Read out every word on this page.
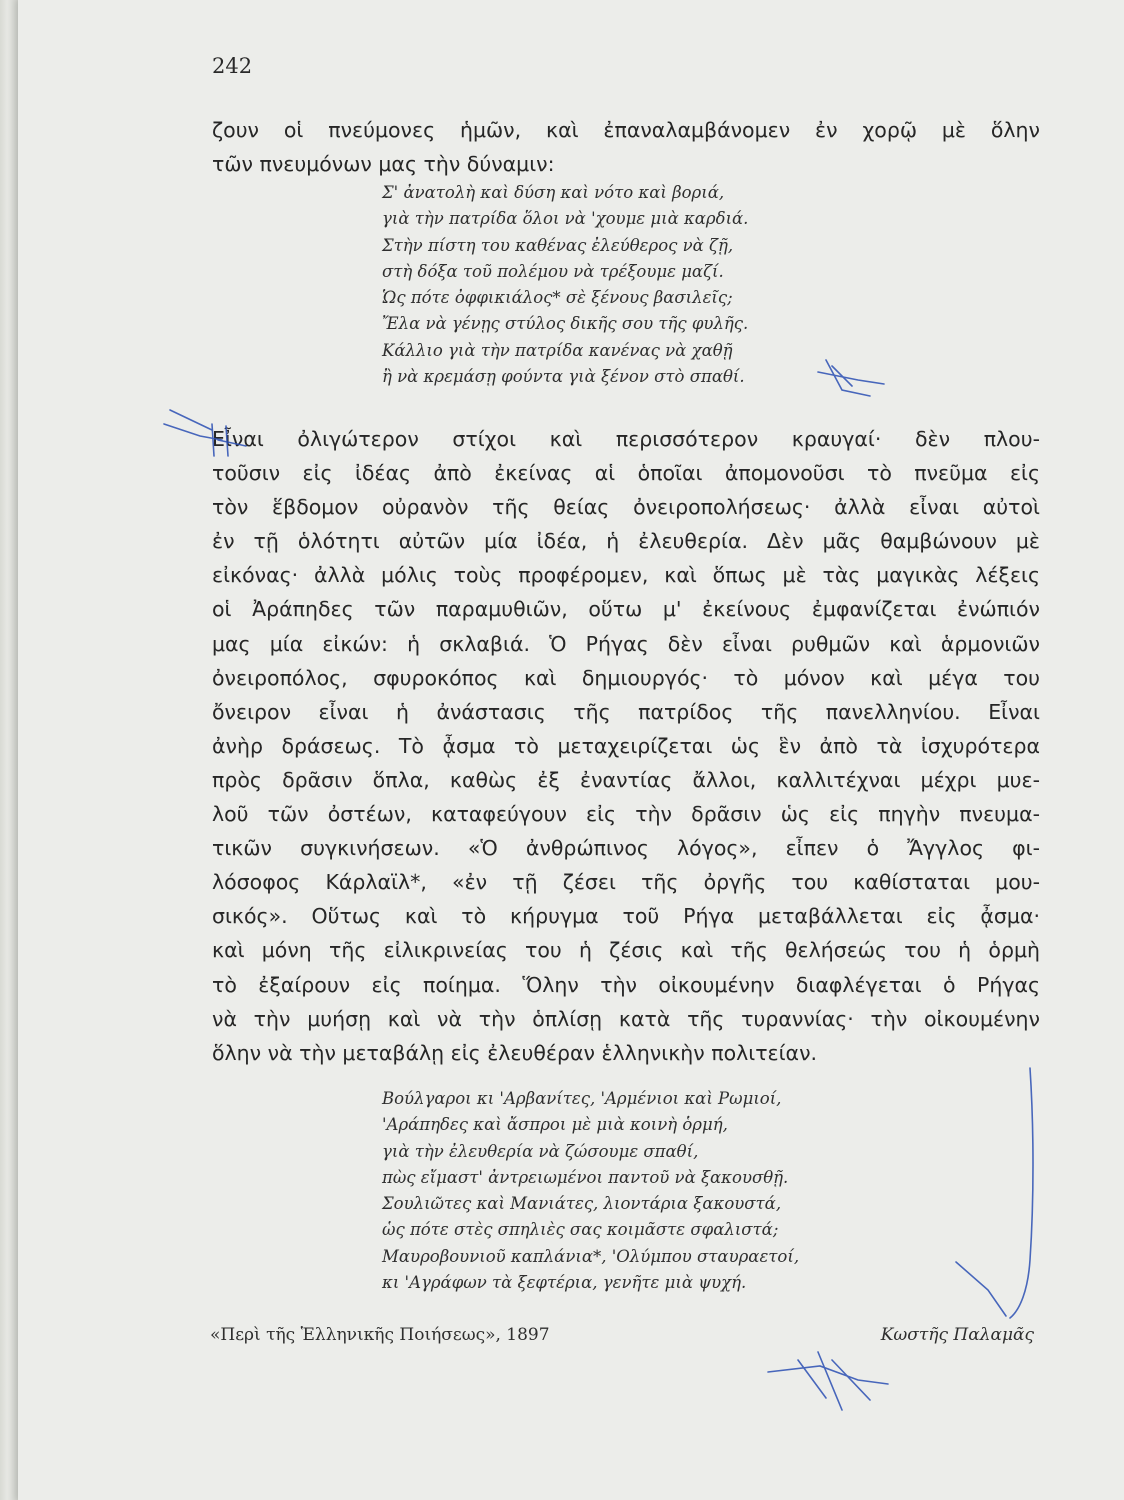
242
ζουν οἱ πνεύμονες ἡμῶν, καὶ ἐπαναλαμβάνομεν ἐν χορῷ μὲ ὅλην
τῶν πνευμόνων μας τὴν δύναμιν:
Σ' ἀνατολὴ καὶ δύση καὶ νότο καὶ βοριά,
γιὰ τὴν πατρίδα ὅλοι νὰ 'χουμε μιὰ καρδιά.
Στὴν πίστη του καθένας ἐλεύθερος νὰ ζῇ,
στὴ δόξα τοῦ πολέμου νὰ τρέξουμε μαζί.
Ὡς πότε ὀφφικιάλος* σὲ ξένους βασιλεῖς;
Ἔλα νὰ γένῃς στύλος δικῆς σου τῆς φυλῆς.
Κάλλιο γιὰ τὴν πατρίδα κανένας νὰ χαθῇ
ἢ νὰ κρεμάσῃ φούντα γιὰ ξένον στὸ σπαθί.
Εἶναι ὀλιγώτερον στίχοι καὶ περισσότερον κραυγαί· δὲν πλου-
τοῦσιν εἰς ἰδέας ἀπὸ ἐκείνας αἱ ὁποῖαι ἀπομονοῦσι τὸ πνεῦμα εἰς
τὸν ἕβδομον οὐρανὸν τῆς θείας ὀνειροπολήσεως· ἀλλὰ εἶναι αὐτοὶ
ἐν τῇ ὁλότητι αὐτῶν μία ἰδέα, ἡ ἐλευθερία. Δὲν μᾶς θαμβώνουν μὲ
εἰκόνας· ἀλλὰ μόλις τοὺς προφέρομεν, καὶ ὅπως μὲ τὰς μαγικὰς λέξεις
οἱ Ἀράπηδες τῶν παραμυθιῶν, οὕτω μ' ἐκείνους ἐμφανίζεται ἐνώπιόν
μας μία εἰκών: ἡ σκλαβιά. Ὁ Ρήγας δὲν εἶναι ρυθμῶν καὶ ἁρμονιῶν
ὀνειροπόλος, σφυροκόπος καὶ δημιουργός· τὸ μόνον καὶ μέγα του
ὄνειρον εἶναι ἡ ἀνάστασις τῆς πατρίδος τῆς πανελληνίου. Εἶναι
ἀνὴρ δράσεως. Τὸ ᾆσμα τὸ μεταχειρίζεται ὡς ἓν ἀπὸ τὰ ἰσχυρότερα
πρὸς δρᾶσιν ὅπλα, καθὼς ἐξ ἐναντίας ἄλλοι, καλλιτέχναι μέχρι μυε-
λοῦ τῶν ὀστέων, καταφεύγουν εἰς τὴν δρᾶσιν ὡς εἰς πηγὴν πνευμα-
τικῶν συγκινήσεων. «Ὁ ἀνθρώπινος λόγος», εἶπεν ὁ Ἄγγλος φι-
λόσοφος Κάρλαϊλ*, «ἐν τῇ ζέσει τῆς ὀργῆς του καθίσταται μου-
σικός». Οὕτως καὶ τὸ κήρυγμα τοῦ Ρήγα μεταβάλλεται εἰς ᾆσμα·
καὶ μόνη τῆς εἰλικρινείας του ἡ ζέσις καὶ τῆς θελήσεώς του ἡ ὁρμὴ
τὸ ἐξαίρουν εἰς ποίημα. Ὅλην τὴν οἰκουμένην διαφλέγεται ὁ Ρήγας
νὰ τὴν μυήσῃ καὶ νὰ τὴν ὁπλίσῃ κατὰ τῆς τυραννίας· τὴν οἰκουμένην
ὅλην νὰ τὴν μεταβάλῃ εἰς ἐλευθέραν ἑλληνικὴν πολιτείαν.
Βούλγαροι κι 'Αρβανίτες, 'Αρμένιοι καὶ Ρωμιοί,
'Αράπηδες καὶ ἄσπροι μὲ μιὰ κοινὴ ὁρμή,
γιὰ τὴν ἐλευθερία νὰ ζώσουμε σπαθί,
πὼς εἴμαστ' ἀντρειωμένοι παντοῦ νὰ ξακουσθῇ.
Σουλιῶτες καὶ Μανιάτες, λιοντάρια ξακουστά,
ὡς πότε στὲς σπηλιὲς σας κοιμᾶστε σφαλιστά;
Μαυροβουνιοῦ καπλάνια*, 'Ολύμπου σταυραετοί,
κι 'Αγράφων τὰ ξεφτέρια, γενῆτε μιὰ ψυχή.
«Περὶ τῆς Ἑλληνικῆς Ποιήσεως», 1897	Κωστῆς Παλαμᾶς
